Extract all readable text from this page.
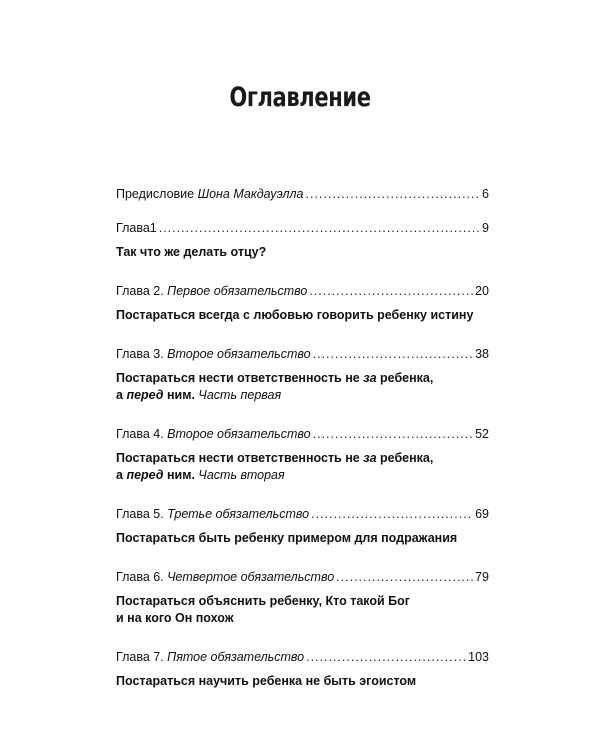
Оглавление
Предисловие Шона Макдауэлла .....	6
Глава1 .....	9
Так что же делать отцу?
Глава 2. Первое обязательство .....	20
Постараться всегда с любовью говорить ребенку истину
Глава 3. Второе обязательство .....	38
Постараться нести ответственность не за ребенка,
а перед ним. Часть первая
Глава 4. Второе обязательство .....	52
Постараться нести ответственность не за ребенка,
а перед ним. Часть вторая
Глава 5. Третье обязательство .....	69
Постараться быть ребенку примером для подражания
Глава 6. Четвертое обязательство .....	79
Постараться объяснить ребенку, Кто такой Бог
и на кого Он похож
Глава 7. Пятое обязательство .....	103
Постараться научить ребенка не быть эгоистом
